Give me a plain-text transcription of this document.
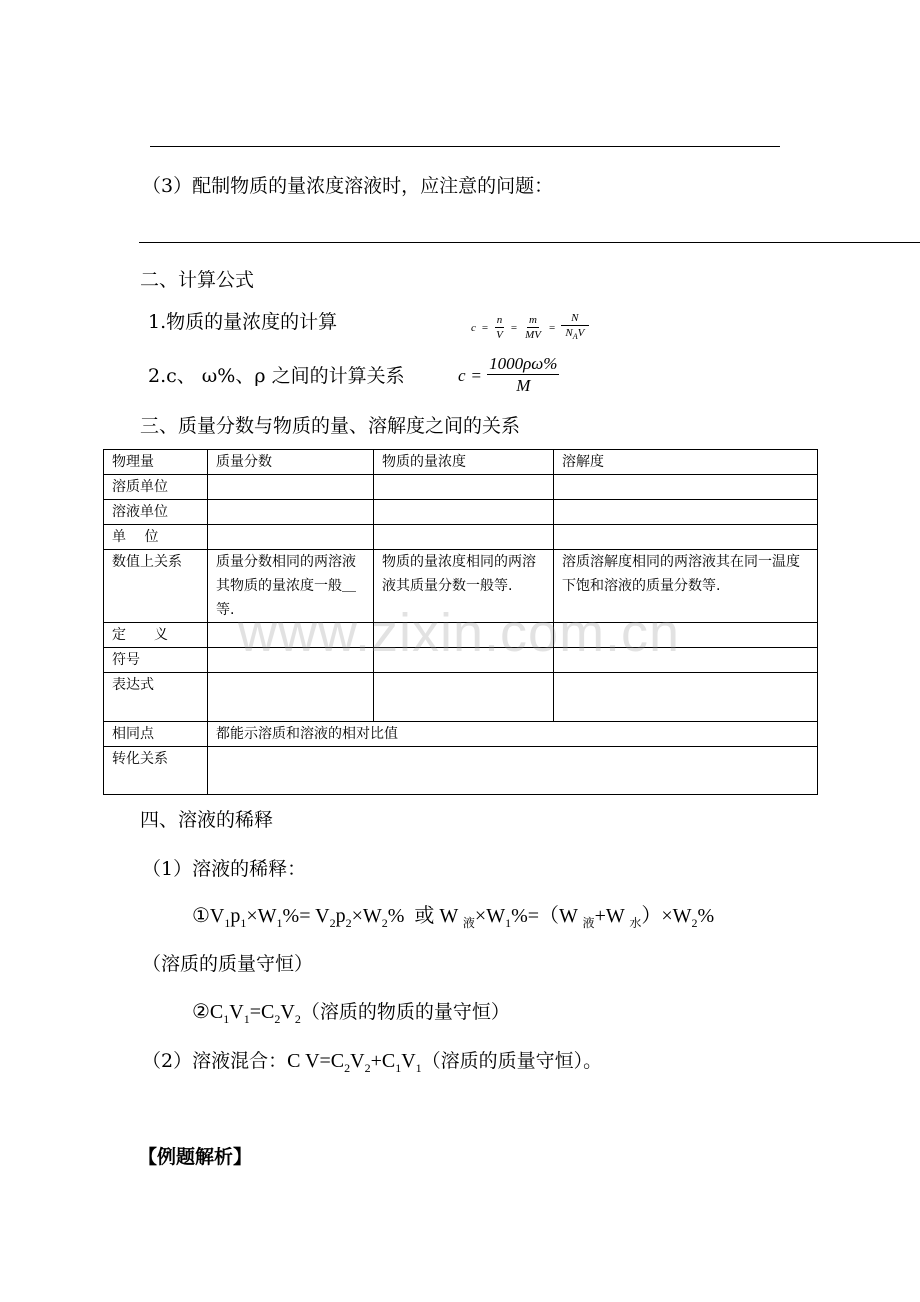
（3）配制物质的量浓度溶液时，应注意的问题：
二、计算公式
1.物质的量浓度的计算	$c = \frac{n}{V} = \frac{m}{MV} = \frac{N}{N_AV}$
2.c、 ω%、ρ 之间的计算关系	$c = \frac{1000\rho\omega\%}{M}$
三、质量分数与物质的量、溶解度之间的关系
物理量	质量分数	物质的量浓度	溶解度
溶质单位			
溶液单位			
单　 位			
数值上关系	质量分数相同的两溶液其物质的量浓度一般＿等.	物质的量浓度相同的两溶液其质量分数一般等.	溶质溶解度相同的两溶液其在同一温度下饱和溶液的质量分数等.
定　　义			
符号			
表达式			
相同点	都能示溶质和溶液的相对比值		
转化关系			
www.zixin.com.cn
四、溶液的稀释
（1）溶液的稀释：
$①V_1p_1\times W_1\%= V_2p_2\times W_2\%$  或 W $_液\times W_1\%=(W$ $_液$+W $_水)\times W_2\%$
（溶质的质量守恒）
$②C_1V_1=C_2V_2$（溶质的物质的量守恒）
（2）溶液混合：C $V=C_2V_2+C_1V_1$（溶质的质量守恒）。
【例题解析】
